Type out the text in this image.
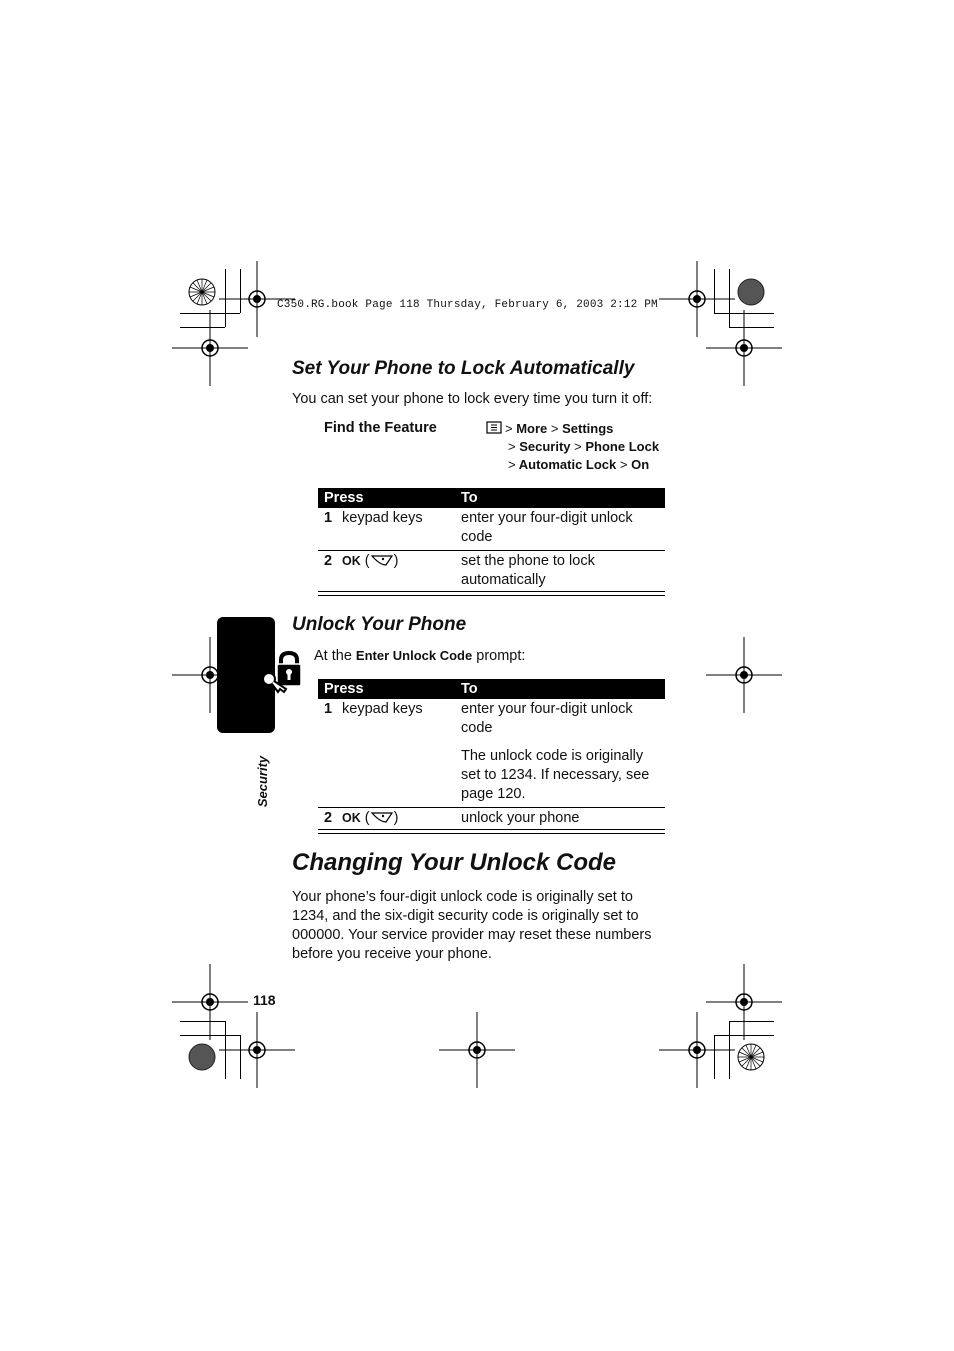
C350.RG.book Page 118 Thursday, February 6, 2003 2:12 PM
Set Your Phone to Lock Automatically
You can set your phone to lock every time you turn it off:
Find the Feature	> More > Settings
> Security > Phone Lock
> Automatic Lock > On
Press		To
1	keypad keys	enter your four-digit unlock code
2	OK ( )	set the phone to lock automatically
Security
Unlock Your Phone
At the Enter Unlock Code prompt:
Press		To
1	keypad keys	enter your four-digit unlock code
The unlock code is originally set to 1234. If necessary, see page 120.

2	OK ( )	unlock your phone
Changing Your Unlock Code
Your phone’s four-digit unlock code is originally set to 1234, and the six-digit security code is originally set to 000000. Your service provider may reset these numbers before you receive your phone.
118
